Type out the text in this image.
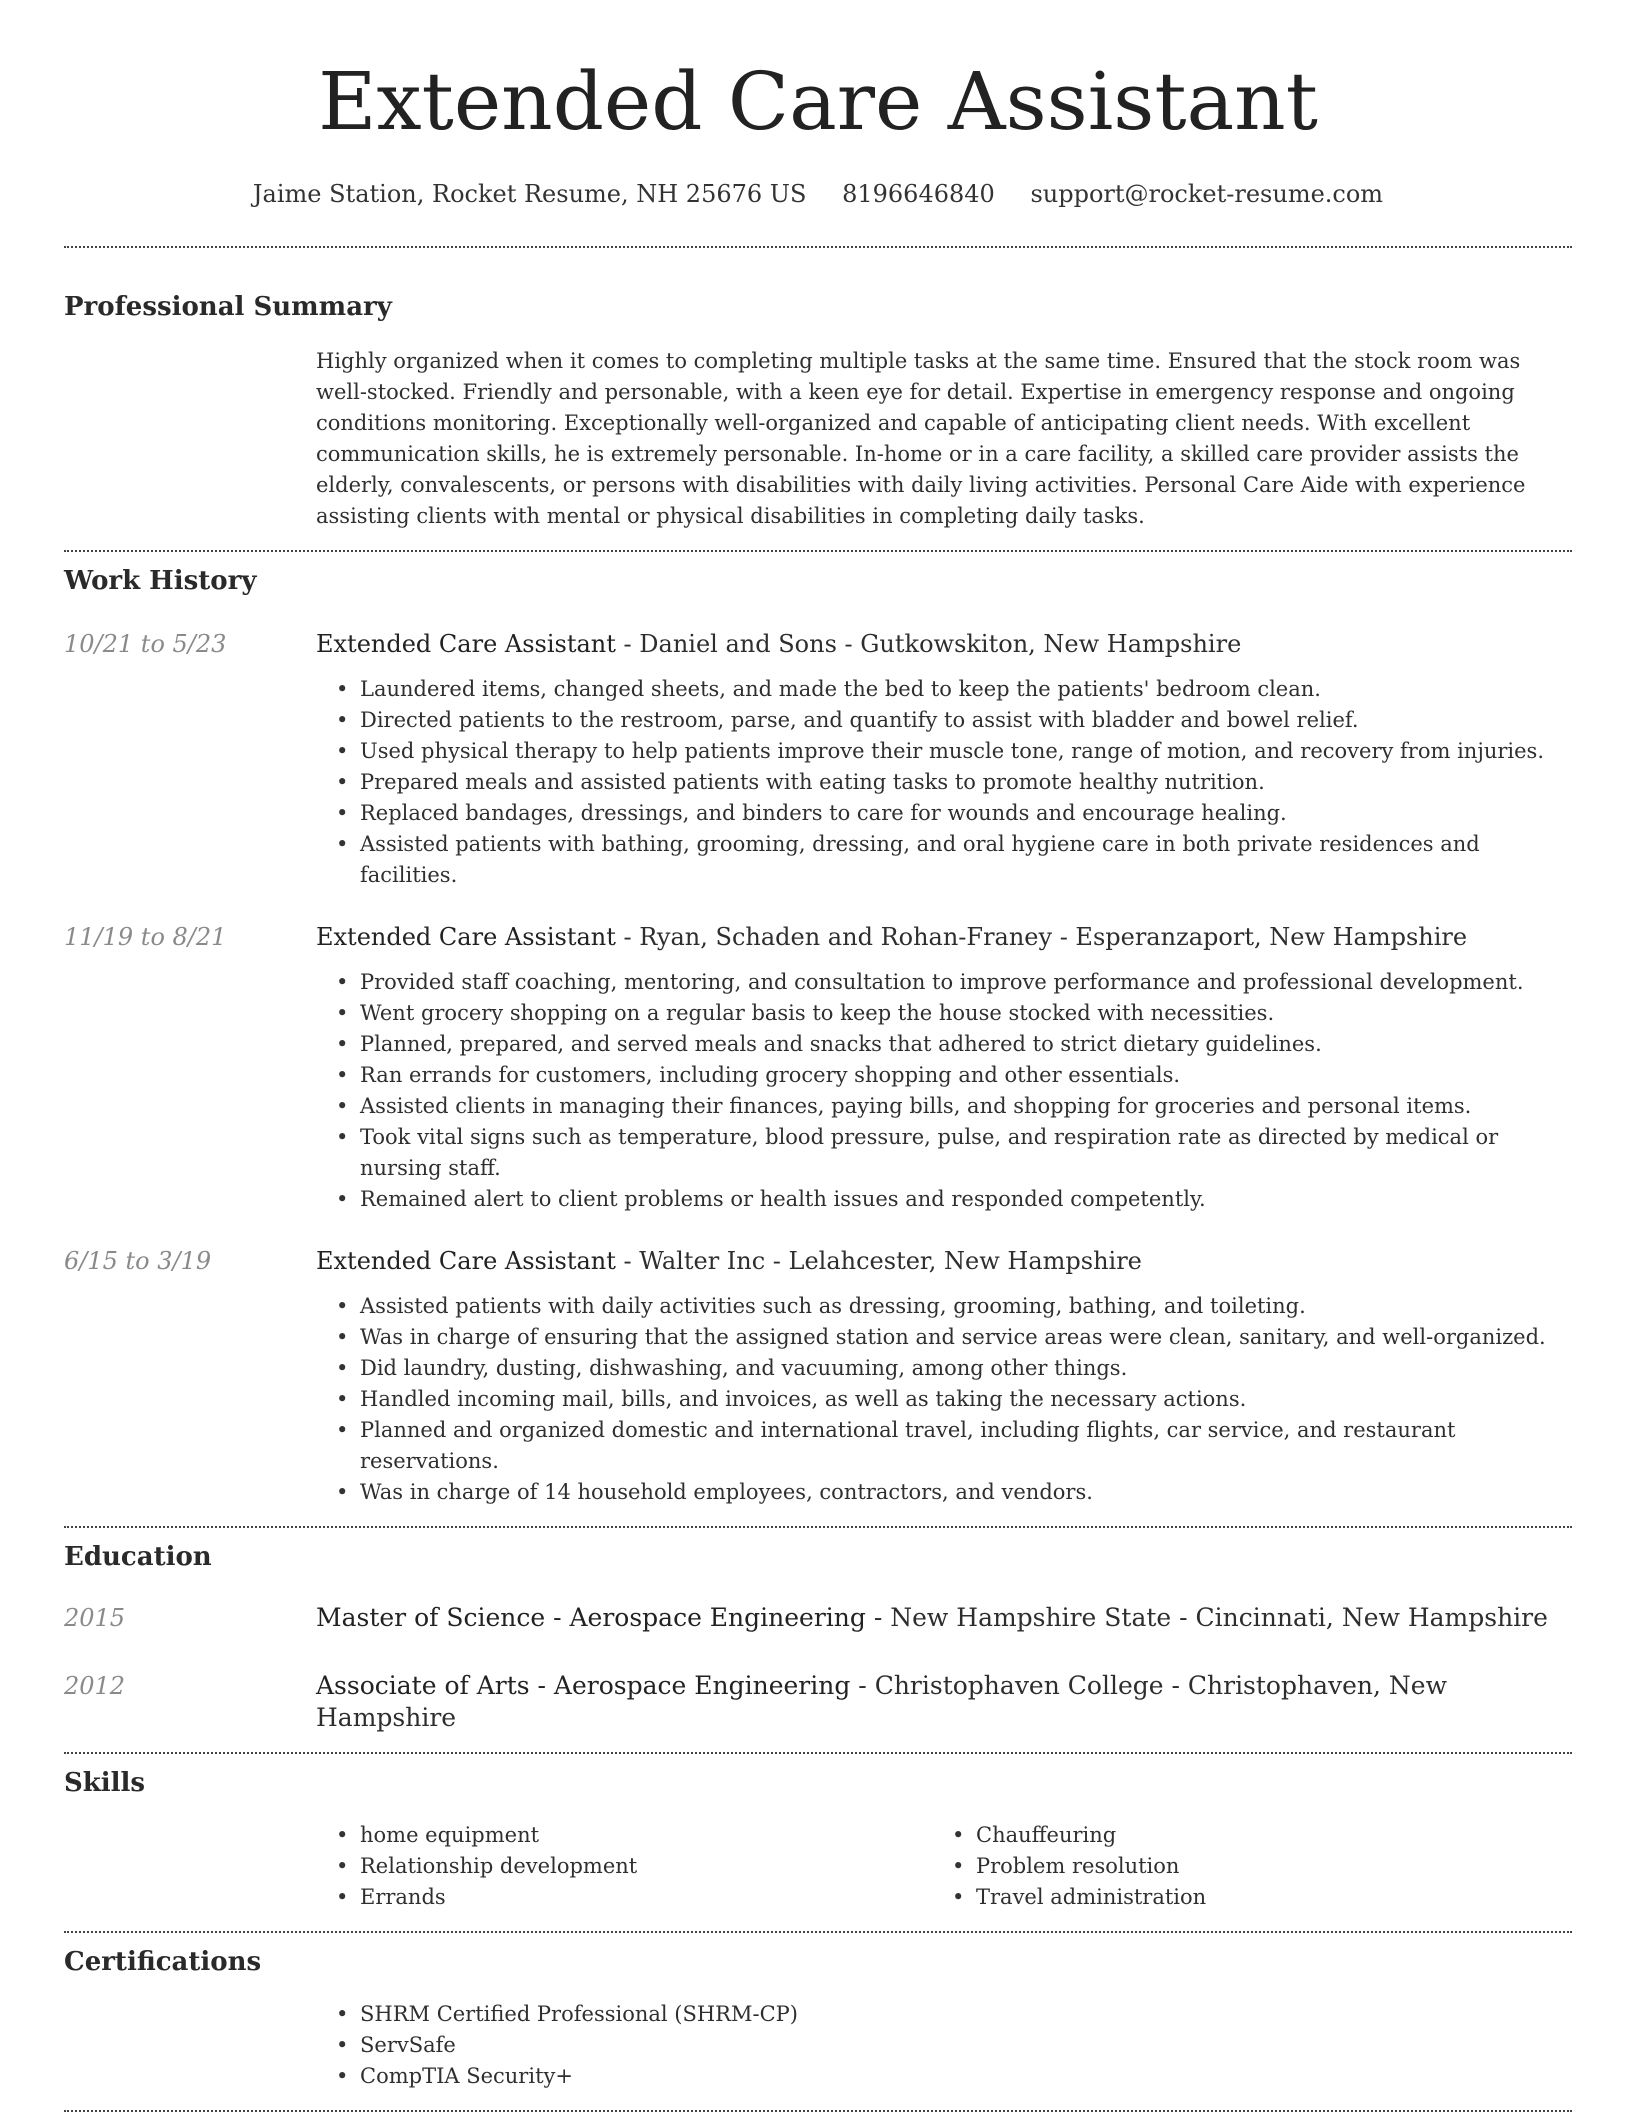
Extended Care Assistant
Jaime Station, Rocket Resume, NH 25676 US 8196646840 support@rocket-resume.com
Professional Summary

Highly organized when it comes to completing multiple tasks at the same time. Ensured that the stock room was well-stocked. Friendly and personable, with a keen eye for detail. Expertise in emergency response and ongoing conditions monitoring. Exceptionally well-organized and capable of anticipating client needs. With excellent communication skills, he is extremely personable. In-home or in a care facility, a skilled care provider assists the elderly, convalescents, or persons with disabilities with daily living activities. Personal Care Aide with experience assisting clients with mental or physical disabilities in completing daily tasks.

Work History
10/21 to 5/23	Extended Care Assistant - Daniel and Sons - Gutkowskiton, New Hampshire
• Laundered items, changed sheets, and made the bed to keep the patients' bedroom clean.
• Directed patients to the restroom, parse, and quantify to assist with bladder and bowel relief.
• Used physical therapy to help patients improve their muscle tone, range of motion, and recovery from injuries.
• Prepared meals and assisted patients with eating tasks to promote healthy nutrition.
• Replaced bandages, dressings, and binders to care for wounds and encourage healing.
• Assisted patients with bathing, grooming, dressing, and oral hygiene care in both private residences and facilities.
11/19 to 8/21	Extended Care Assistant - Ryan, Schaden and Rohan-Franey - Esperanzaport, New Hampshire
• Provided staff coaching, mentoring, and consultation to improve performance and professional development.
• Went grocery shopping on a regular basis to keep the house stocked with necessities.
• Planned, prepared, and served meals and snacks that adhered to strict dietary guidelines.
• Ran errands for customers, including grocery shopping and other essentials.
• Assisted clients in managing their finances, paying bills, and shopping for groceries and personal items.
• Took vital signs such as temperature, blood pressure, pulse, and respiration rate as directed by medical or nursing staff.
• Remained alert to client problems or health issues and responded competently.
6/15 to 3/19	Extended Care Assistant - Walter Inc - Lelahcester, New Hampshire
• Assisted patients with daily activities such as dressing, grooming, bathing, and toileting.
• Was in charge of ensuring that the assigned station and service areas were clean, sanitary, and well-organized.
• Did laundry, dusting, dishwashing, and vacuuming, among other things.
• Handled incoming mail, bills, and invoices, as well as taking the necessary actions.
• Planned and organized domestic and international travel, including flights, car service, and restaurant reservations.
• Was in charge of 14 household employees, contractors, and vendors.
Education
2015	Master of Science - Aerospace Engineering - New Hampshire State - Cincinnati, New Hampshire
2012	Associate of Arts - Aerospace Engineering - Christophaven College - Christophaven, New Hampshire
Skills
• home equipment
• Relationship development
• Errands
• Chauffeuring
• Problem resolution
• Travel administration
Certifications
• SHRM Certified Professional (SHRM-CP)
• ServSafe
• CompTIA Security+
